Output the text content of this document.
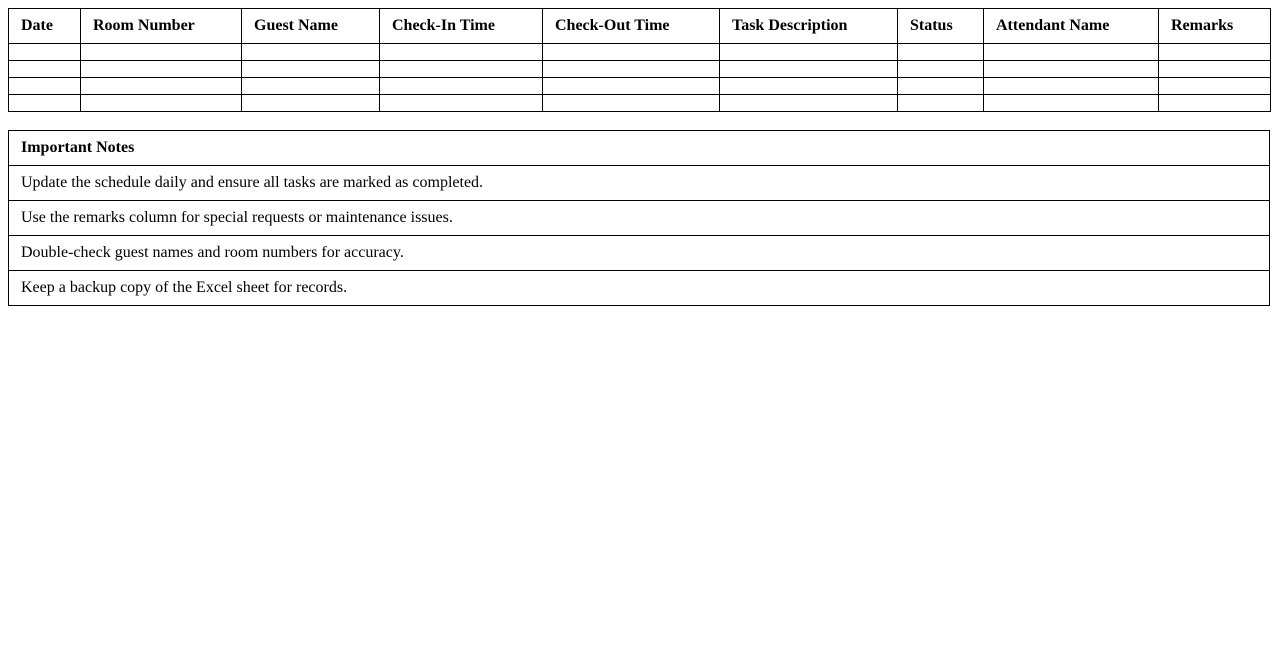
Date	Room Number	Guest Name	Check-In Time	Check-Out Time	Task Description	Status	Attendant Name	Remarks

Important Notes
Update the schedule daily and ensure all tasks are marked as completed.
Use the remarks column for special requests or maintenance issues.
Double-check guest names and room numbers for accuracy.
Keep a backup copy of the Excel sheet for records.
